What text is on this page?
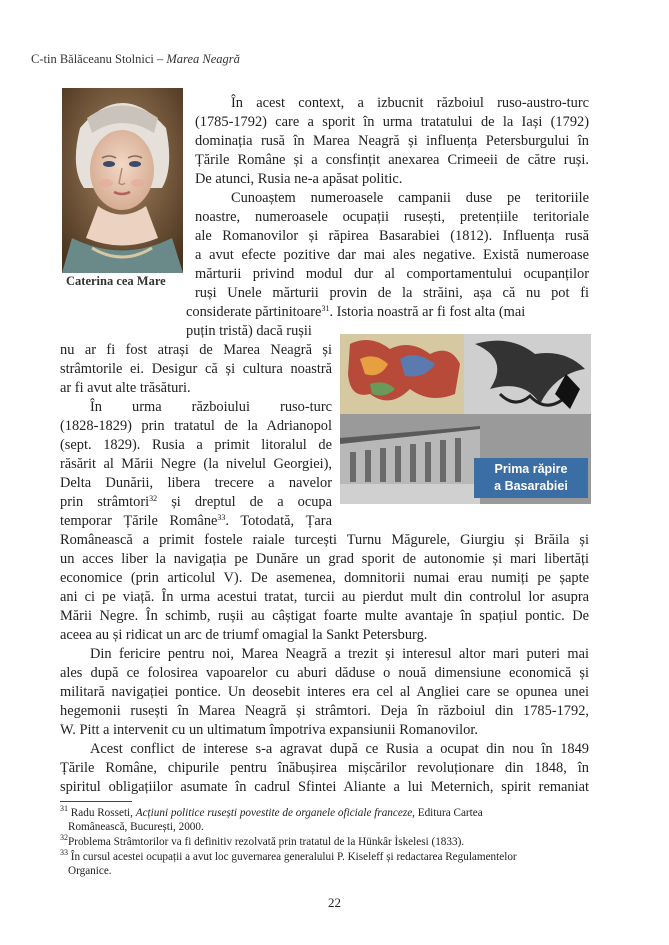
C-tin Bălăceanu Stolnici – Marea Neagră
Caterina cea Mare
Prima răpire
a Basarabiei

În acest context, a izbucnit războiul ruso-austro-turc

(1785-1792) care a sporit în urma tratatului de la Iași (1792)

dominația rusă în Marea Neagră și influența Petersburgului în

Țările Române și a consfințit anexarea Crimeeii de către ruși.

De atunci, Rusia ne-a apăsat politic.

Cunoaștem numeroasele campanii duse pe teritoriile

noastre, numeroasele ocupații rusești, pretențiile teritoriale

ale Romanovilor și răpirea Basarabiei (1812). Influența rusă

a avut efecte pozitive dar mai ales negative. Există numeroase

mărturii privind modul dur al comportamentului ocupanților

ruși Unele mărturii provin de la străini, așa că nu pot fi

considerate părtinitoare$^{31}$. Istoria noastră ar fi fost alta (mai

puțin tristă) dacă rușii

nu ar fi fost atrași de Marea Neagră și

strâmtorile ei. Desigur că și cultura noastră

ar fi avut alte trăsături.

În urma războiului ruso-turc

(1828-1829) prin tratatul de la Adrianopol

(sept. 1829). Rusia a primit litoralul de

răsărit al Mării Negre (la nivelul Georgiei),

Delta Dunării, libera trecere a navelor

prin strâmtori$^{32}$ și dreptul de a ocupa

temporar Țările Române$^{33}$. Totodată, Țara

Românească a primit fostele raiale turcești Turnu Măgurele, Giurgiu și Brăila și

un acces liber la navigația pe Dunăre un grad sporit de autonomie și mari libertăți

economice (prin articolul V). De asemenea, domnitorii numai erau numiți pe șapte

ani ci pe viață. În urma acestui tratat, turcii au pierdut mult din controlul lor asupra

Mării Negre. În schimb, rușii au câștigat foarte multe avantaje în spațiul pontic. De

aceea au și ridicat un arc de triumf omagial la Sankt Petersburg.

Din fericire pentru noi, Marea Neagră a trezit și interesul altor mari puteri mai

ales după ce folosirea vapoarelor cu aburi dăduse o nouă dimensiune economică și

militară navigației pontice. Un deosebit interes era cel al Angliei care se opunea unei

hegemonii rusești în Marea Neagră și strâmtori. Deja în războiul din 1785-1792,

W. Pitt a intervenit cu un ultimatum împotriva expansiunii Romanovilor.

Acest conflict de interese s-a agravat după ce Rusia a ocupat din nou în 1849

Țările Române, chipurile pentru înăbușirea mișcărilor revoluționare din 1848, în

spiritul obligațiilor asumate în cadrul Sfintei Aliante a lui Meternich, spirit remaniat

$^{31}$ Radu Rosseti, Acțiuni politice rusești povestite de organele oficiale franceze, Editura Cartea
Românească, București, 2000.
$^{32}$Problema Strâmtorilor va fi definitiv rezolvată prin tratatul de la Hünkâr İskelesi (1833).
$^{33}$ În cursul acestei ocupații a avut loc guvernarea generalului P. Kiseleff și redactarea Regulamentelor
Organice.
22
